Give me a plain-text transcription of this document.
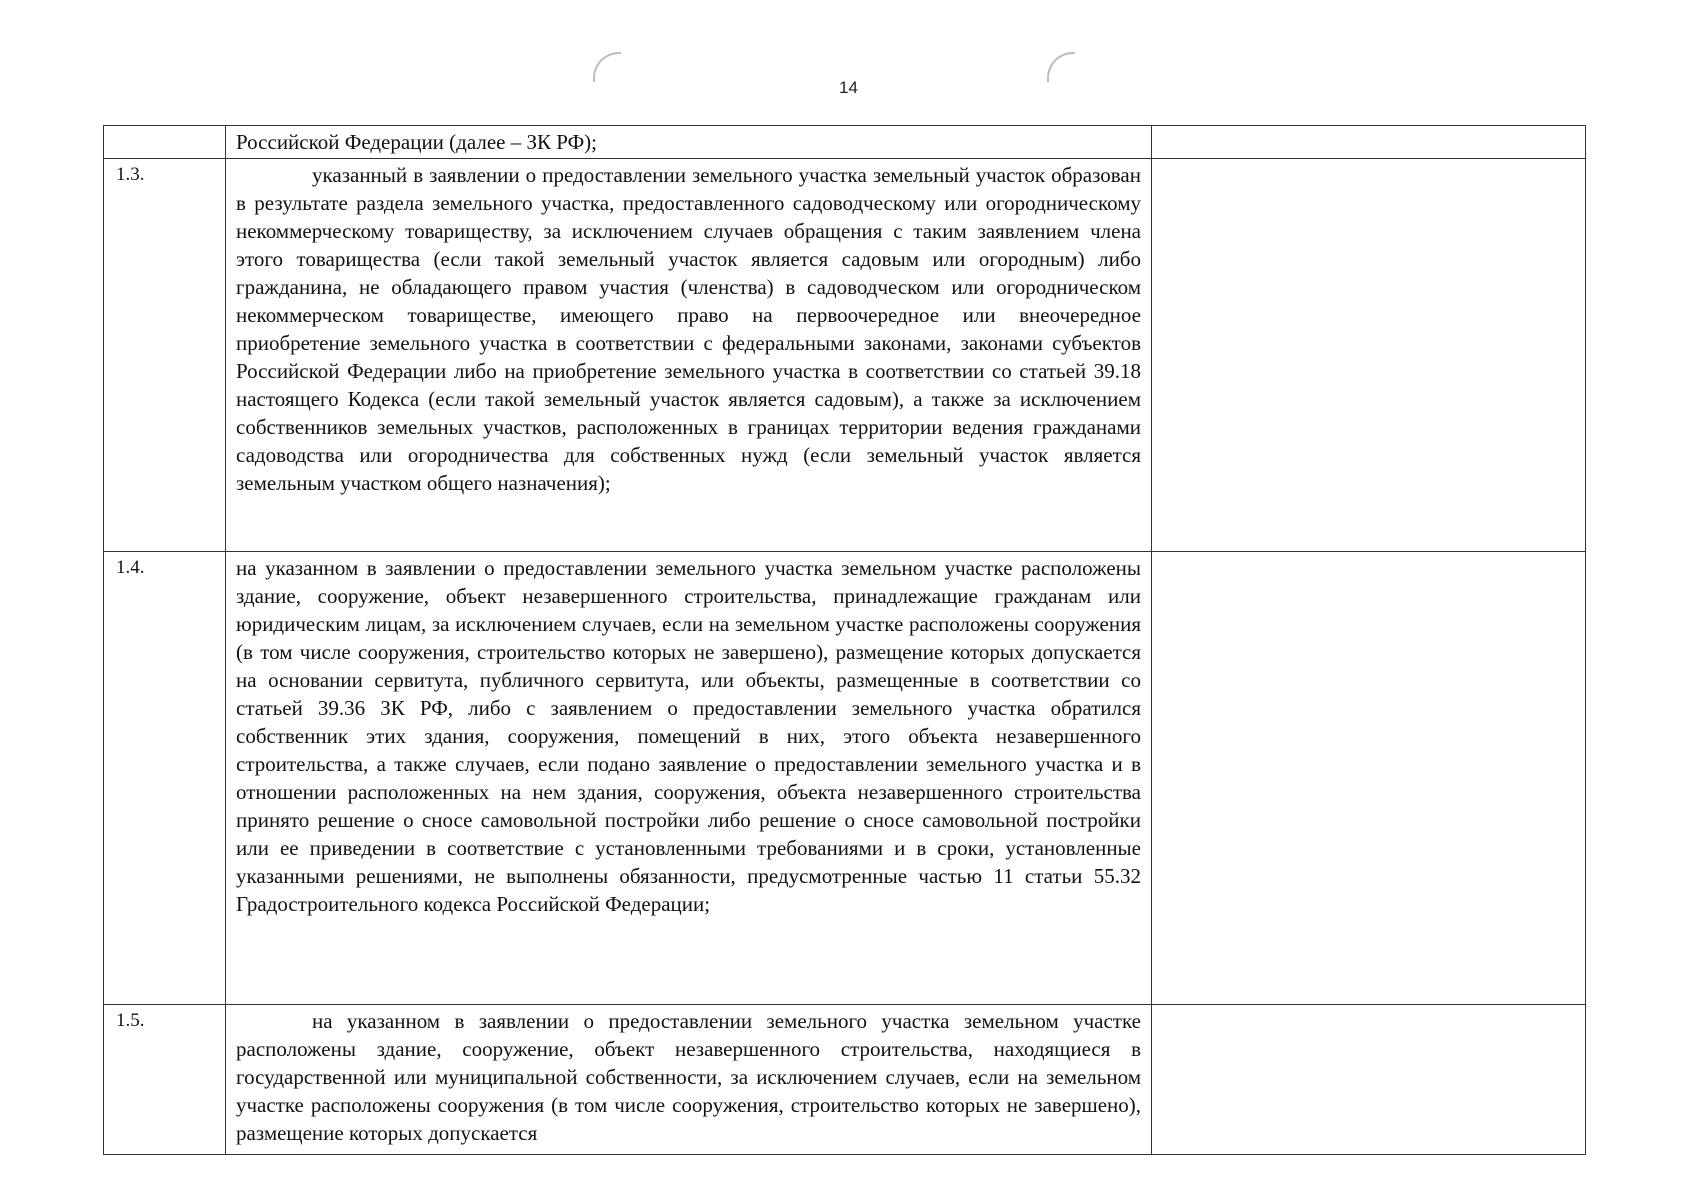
14

	Российской Федерации (далее – ЗК РФ);	

1.3.	указанный в заявлении о предоставлении земельного участка земельный участок образован в результате раздела земельного участка, предоставленного садоводческому или огородническому некоммерческому товариществу, за исключением случаев обращения с таким заявлением члена этого товарищества (если такой земельный участок является садовым или огородным) либо гражданина, не обладающего правом участия (членства) в садоводческом или огородническом некоммерческом товариществе, имеющего право на первоочередное или внеочередное приобретение земельного участка в соответствии с федеральными законами, законами субъектов Российской Федерации либо на приобретение земельного участка в соответствии со статьей 39.18 настоящего Кодекса (если такой земельный участок является садовым), а также за исключением собственников земельных участков, расположенных в границах территории ведения гражданами садоводства или огородничества для собственных нужд (если земельный участок является земельным участком общего назначения);	

1.4.	на указанном в заявлении о предоставлении земельного участка земельном участке расположены здание, сооружение, объект незавершенного строительства, принадлежащие гражданам или юридическим лицам, за исключением случаев, если на земельном участке расположены сооружения (в том числе сооружения, строительство которых не завершено), размещение которых допускается на основании сервитута, публичного сервитута, или объекты, размещенные в соответствии со статьей 39.36 ЗК РФ, либо с заявлением о предоставлении земельного участка обратился собственник этих здания, сооружения, помещений в них, этого объекта незавершенного строительства, а также случаев, если подано заявление о предоставлении земельного участка и в отношении расположенных на нем здания, сооружения, объекта незавершенного строительства принято решение о сносе самовольной постройки либо решение о сносе самовольной постройки или ее приведении в соответствие с установленными требованиями и в сроки, установленные указанными решениями, не выполнены обязанности, предусмотренные частью 11 статьи 55.32 Градостроительного кодекса Российской Федерации;	

1.5.	на указанном в заявлении о предоставлении земельного участка земельном участке расположены здание, сооружение, объект незавершенного строительства, находящиеся в государственной или муниципальной собственности, за исключением случаев, если на земельном участке расположены сооружения (в том числе сооружения, строительство которых не завершено), размещение которых допускается	
